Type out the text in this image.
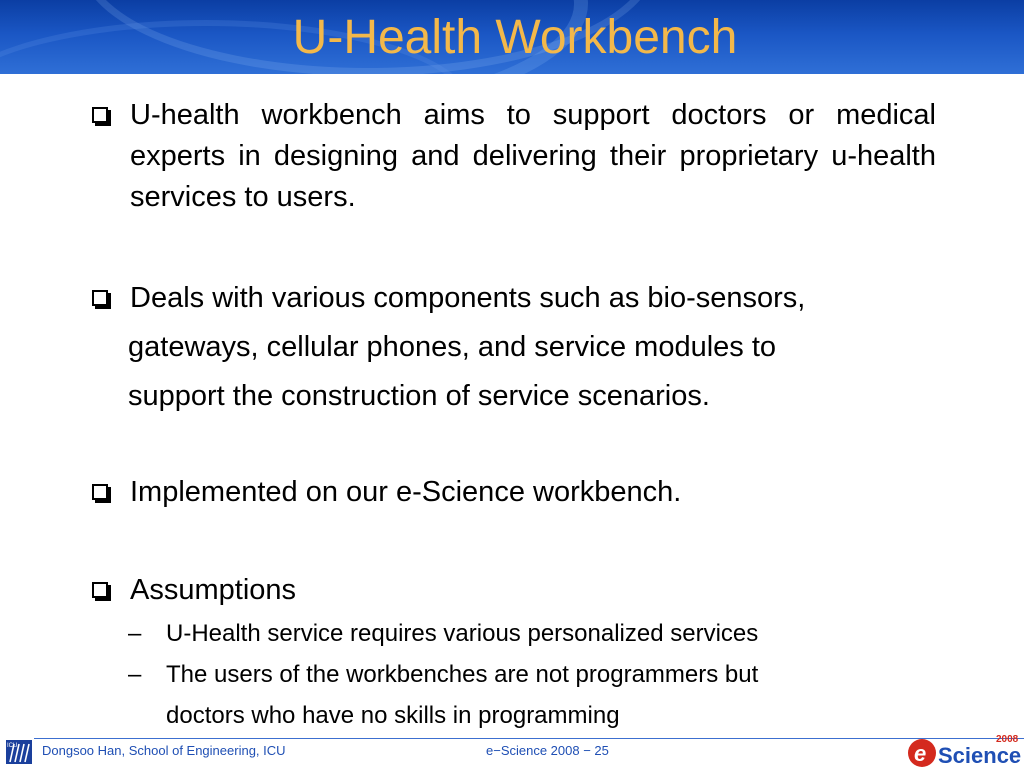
U-Health Workbench
U-health workbench aims to support doctors or medical experts in designing and delivering their proprietary u-health services to users.
Deals with various components such as bio-sensors,
gateways, cellular phones, and service modules to
support the construction of service scenarios.
Implemented on our e-Science workbench.
Assumptions
– U-Health service requires various personalized services
– The users of the workbenches are not programmers but
doctors who have no skills in programming
ICU Dongsoo Han, School of Engineering, ICU	e−Science 2008 − 25
2008
e Science
